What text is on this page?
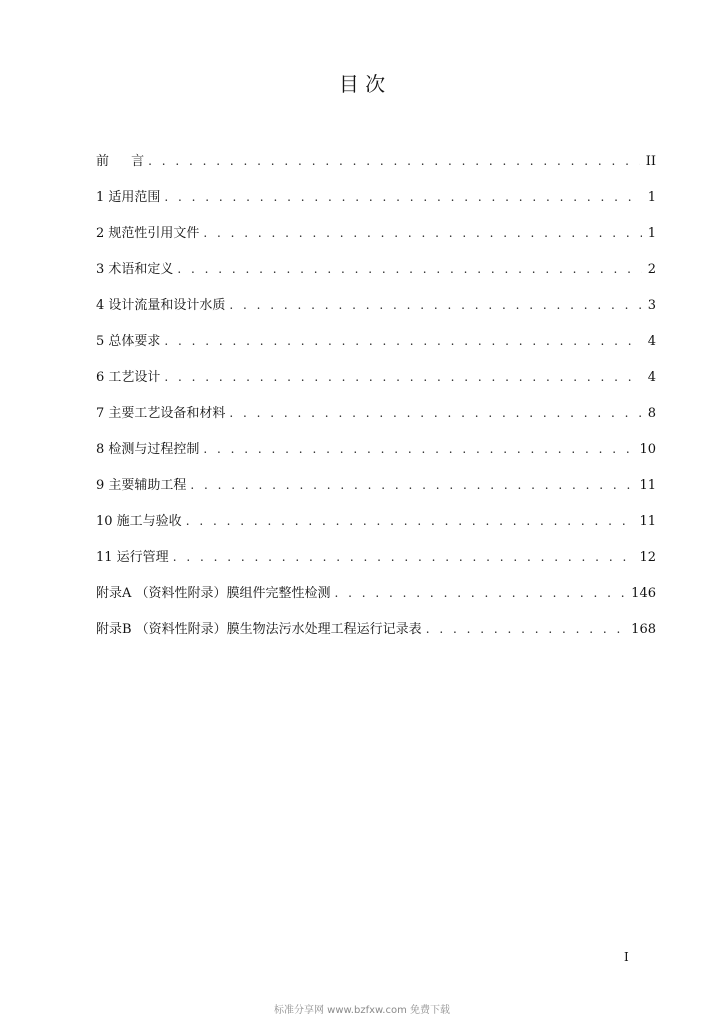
目 次
前 言 . . .	II
1 适用范围 . . .	1
2 规范性引用文件 . . .	1
3 术语和定义 . . .	2
4 设计流量和设计水质 . . .	3
5 总体要求 . . .	4
6 工艺设计 . . .	4
7 主要工艺设备和材料 . . .	8
8 检测与过程控制 . . .	10
9 主要辅助工程 . . .	11
10 施工与验收 . . .	11
11 运行管理 . . .	12
附录A （资料性附录）膜组件完整性检测 . . .	146
附录B （资料性附录）膜生物法污水处理工程运行记录表 . . .	168
I
标准分享网 www.bzfxw.com 免费下载
